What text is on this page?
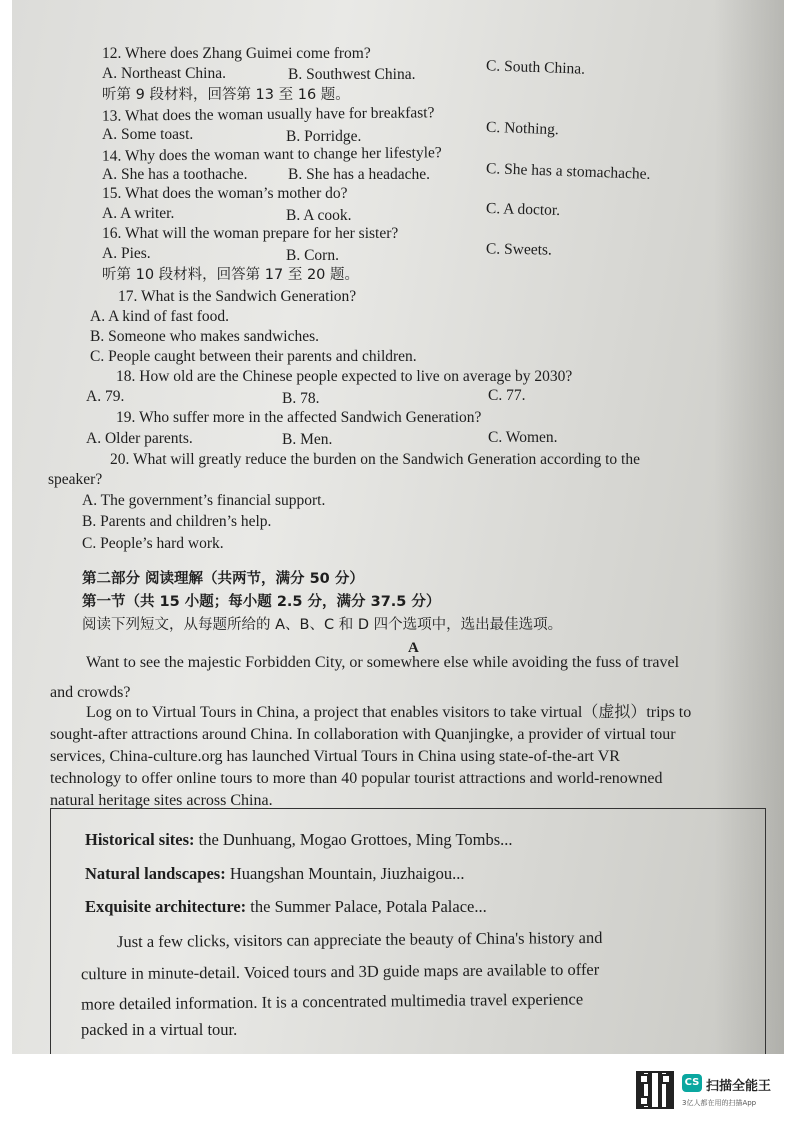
12. Where does Zhang Guimei come from?
A. Northeast China.	B. Southwest China.	C. South China.
听第 9 段材料，回答第 13 至 16 题。
13. What does the woman usually have for breakfast?
A. Some toast.	B. Porridge.	C. Nothing.
14. Why does the woman want to change her lifestyle?
A. She has a toothache.	B. She has a headache.	C. She has a stomachache.
15. What does the woman’s mother do?
A. A writer.	B. A cook.	C. A doctor.
16. What will the woman prepare for her sister?
A. Pies.	B. Corn.	C. Sweets.
听第 10 段材料，回答第 17 至 20 题。
17. What is the Sandwich Generation?
A. A kind of fast food.
B. Someone who makes sandwiches.
C. People caught between their parents and children.
18. How old are the Chinese people expected to live on average by 2030?
A. 79.	B. 78.	C. 77.
19. Who suffer more in the affected Sandwich Generation?
A. Older parents.	B. Men.	C. Women.
20. What will greatly reduce the burden on the Sandwich Generation according to the
speaker?
A. The government’s financial support.
B. Parents and children’s help.
C. People’s hard work.
第二部分 阅读理解（共两节，满分 50 分）
第一节（共 15 小题；每小题 2.5 分，满分 37.5 分）
阅读下列短文，从每题所给的 A、B、C 和 D 四个选项中，选出最佳选项。
A
Want to see the majestic Forbidden City, or somewhere else while avoiding the fuss of travel
and crowds?
Log on to Virtual Tours in China, a project that enables visitors to take virtual（虚拟）trips to
sought-after attractions around China. In collaboration with Quanjingke, a provider of virtual tour
services, China-culture.org has launched Virtual Tours in China using state-of-the-art VR
technology to offer online tours to more than 40 popular tourist attractions and world-renowned
natural heritage sites across China.
Historical sites: the Dunhuang, Mogao Grottoes, Ming Tombs...
Natural landscapes: Huangshan Mountain, Jiuzhaigou...
Exquisite architecture: the Summer Palace, Potala Palace...
Just a few clicks, visitors can appreciate the beauty of China's history and
culture in minute-detail. Voiced tours and 3D guide maps are available to offer
more detailed information. It is a concentrated multimedia travel experience
packed in a virtual tour.
CS 扫描全能王
3亿人都在用的扫描App
